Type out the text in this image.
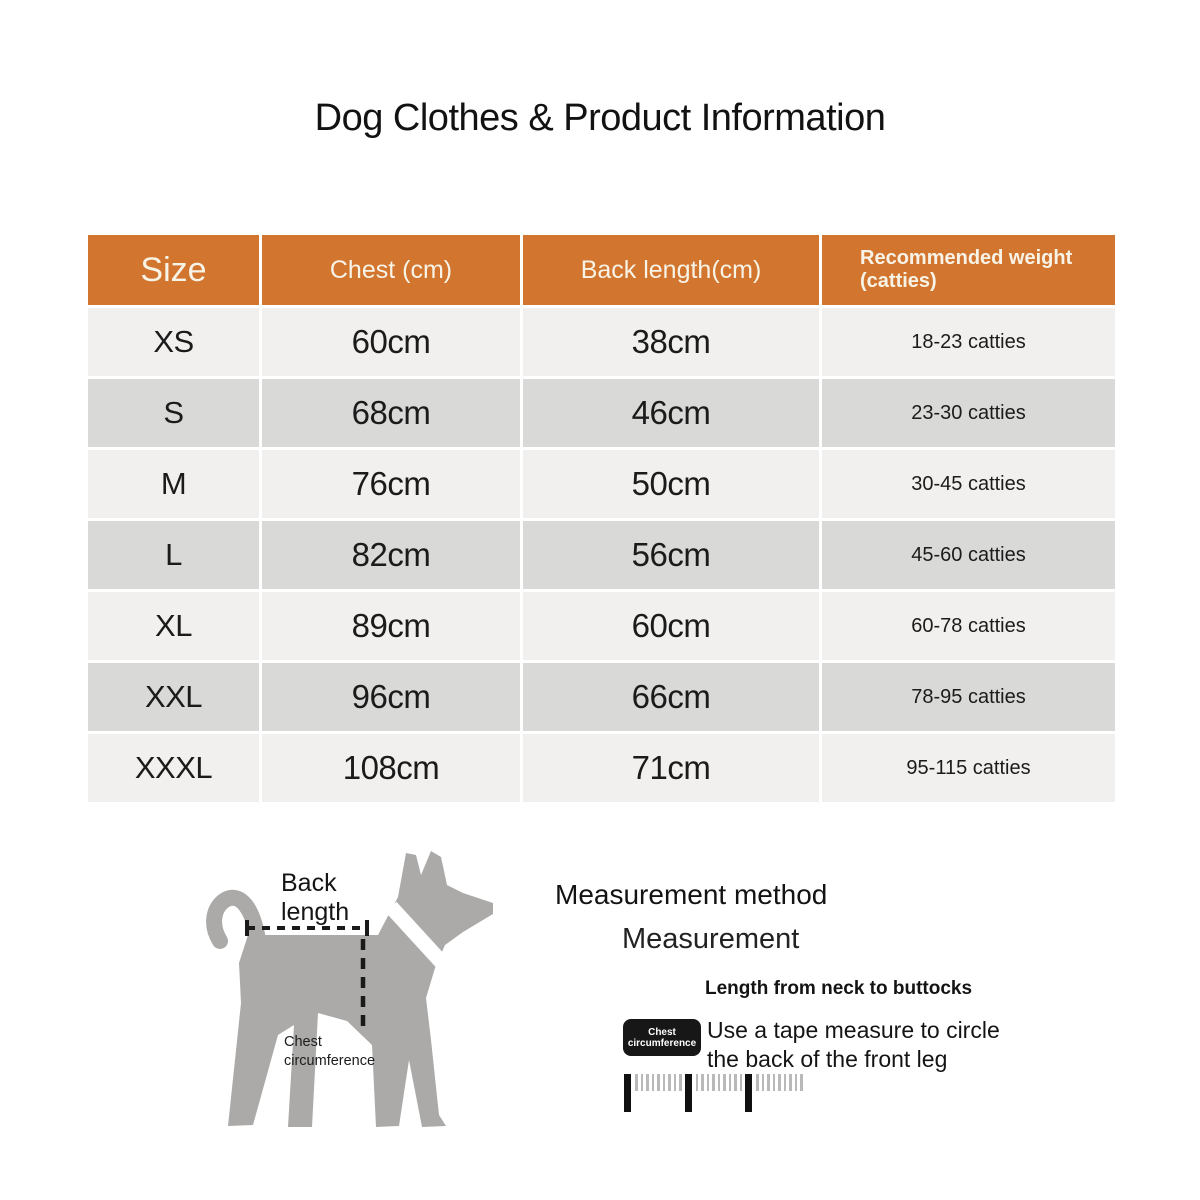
Dog Clothes & Product Information
Size	Chest (cm)	Back length(cm)	Recommended weight (catties)
XS	60cm	38cm	18-23 catties
S	68cm	46cm	23-30 catties
M	76cm	50cm	30-45 catties
L	82cm	56cm	45-60 catties
XL	89cm	60cm	60-78 catties
XXL	96cm	66cm	78-95 catties
XXXL	108cm	71cm	95-115 catties
Back
length
Chest
circumference
Measurement method
Measurement
Length from neck to buttocks
Chest
circumference Use a tape measure to circle
the back of the front leg
